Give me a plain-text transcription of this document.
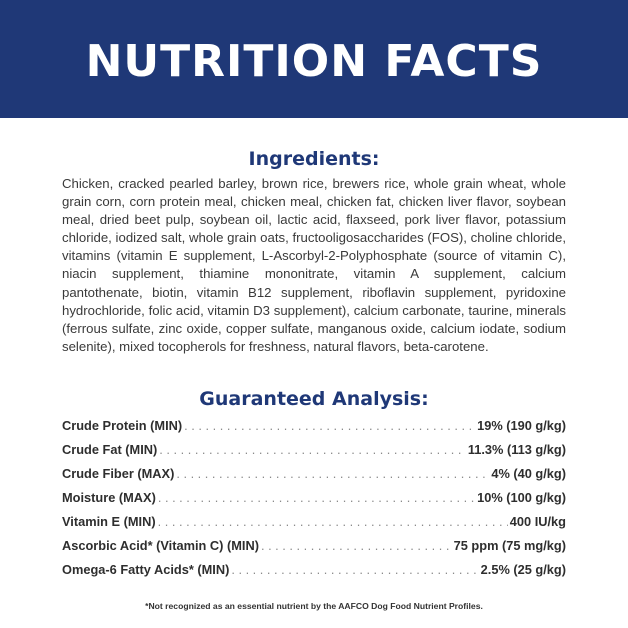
NUTRITION FACTS
Ingredients:

Chicken, cracked pearled barley, brown rice, brewers rice, whole grain wheat, whole grain corn, corn protein meal, chicken meal, chicken fat, chicken liver flavor, soybean meal, dried beet pulp, soybean oil, lactic acid, flaxseed, pork liver flavor, potassium chloride, iodized salt, whole grain oats, fructooligosaccharides (FOS), choline chloride, vitamins (vitamin E supplement, L-Ascorbyl-2-Polyphosphate (source of vitamin C), niacin supplement, thiamine mononitrate, vitamin A supplement, calcium pantothenate, biotin, vitamin B12 supplement, riboflavin supplement, pyridoxine hydrochloride, folic acid, vitamin D3 supplement), calcium carbonate, taurine, minerals (ferrous sulfate, zinc oxide, copper sulfate, manganous oxide, calcium iodate, sodium selenite), mixed tocopherols for freshness, natural flavors, beta-carotene.

Guaranteed Analysis:
Crude Protein (MIN) . . .	19% (190 g/kg)
Crude Fat (MIN) . . .	11.3% (113 g/kg)
Crude Fiber (MAX) . . .	4% (40 g/kg)
Moisture (MAX) . . .	10% (100 g/kg)
Vitamin E (MIN) . . .	400 IU/kg
Ascorbic Acid* (Vitamin C) (MIN) . . .	75 ppm (75 mg/kg)
Omega-6 Fatty Acids* (MIN) . . .	2.5% (25 g/kg)

*Not recognized as an essential nutrient by the AAFCO Dog Food Nutrient Profiles.
